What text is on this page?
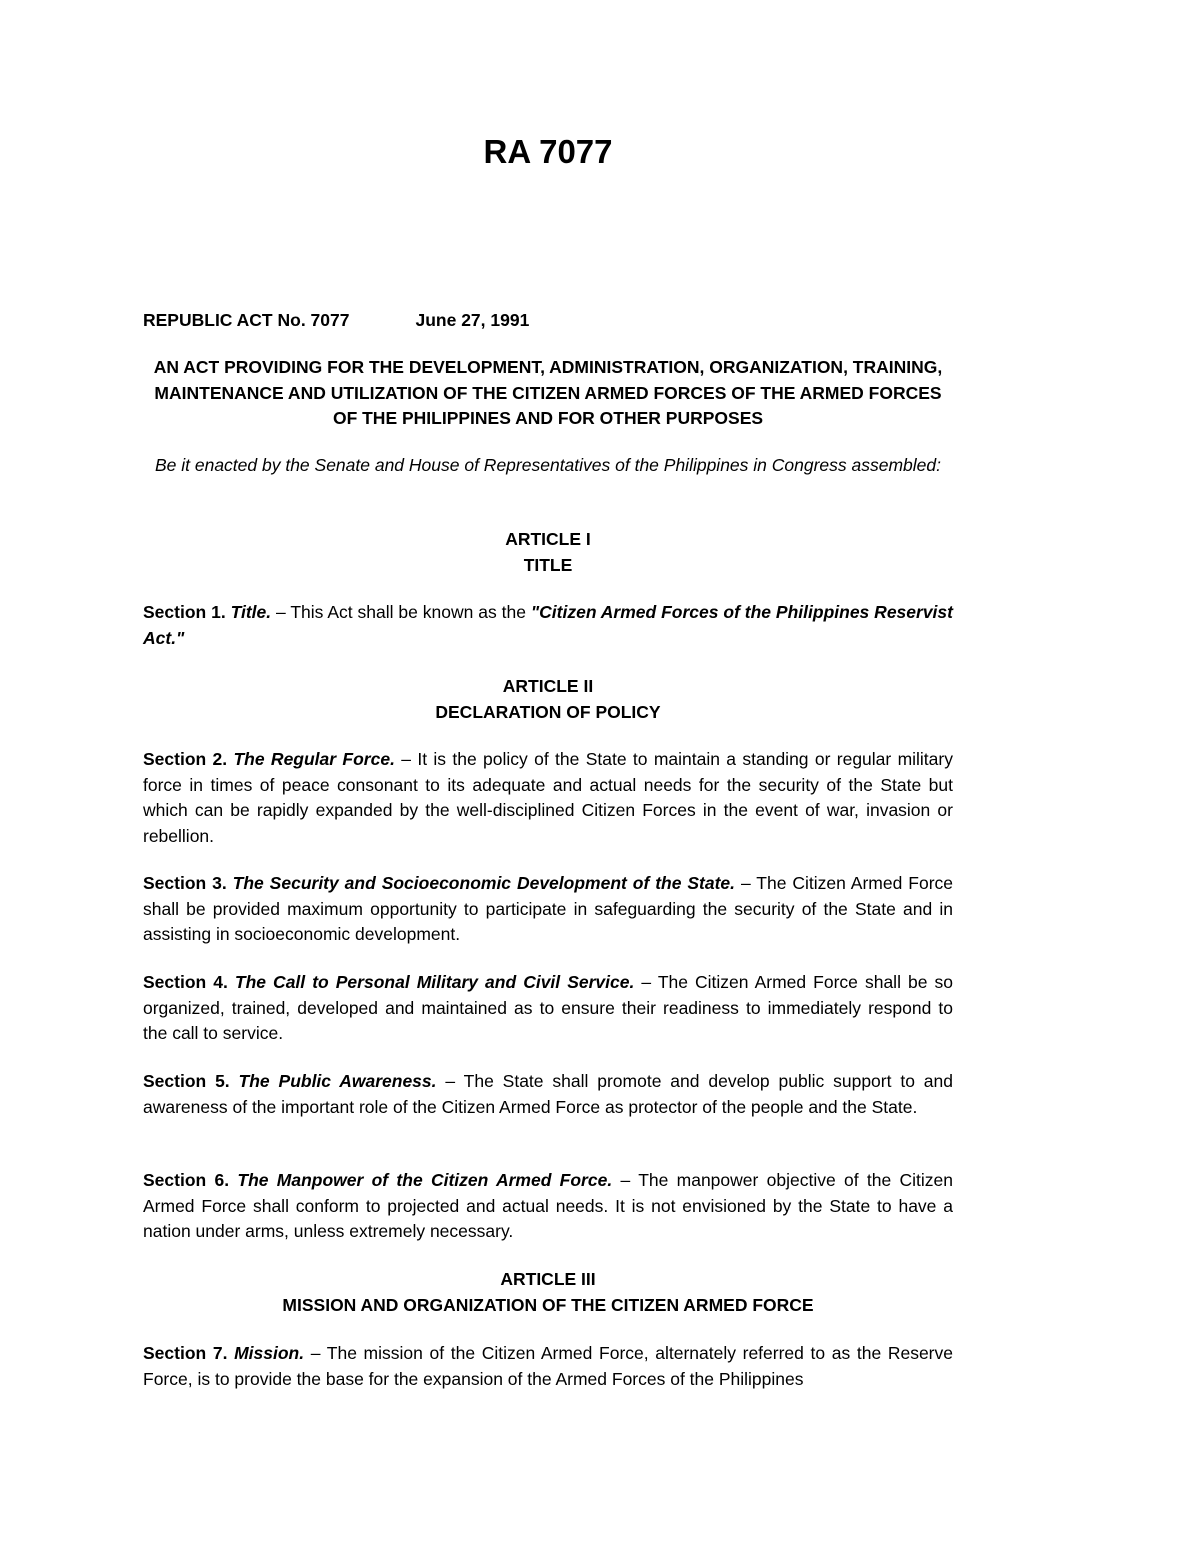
RA 7077
REPUBLIC ACT No. 7077	June 27, 1991
AN ACT PROVIDING FOR THE DEVELOPMENT, ADMINISTRATION, ORGANIZATION, TRAINING, MAINTENANCE AND UTILIZATION OF THE CITIZEN ARMED FORCES OF THE ARMED FORCES OF THE PHILIPPINES AND FOR OTHER PURPOSES
Be it enacted by the Senate and House of Representatives of the Philippines in Congress assembled:
ARTICLE I
TITLE
Section 1. Title. – This Act shall be known as the "Citizen Armed Forces of the Philippines Reservist Act."
ARTICLE II
DECLARATION OF POLICY
Section 2. The Regular Force. – It is the policy of the State to maintain a standing or regular military force in times of peace consonant to its adequate and actual needs for the security of the State but which can be rapidly expanded by the well-disciplined Citizen Forces in the event of war, invasion or rebellion.
Section 3. The Security and Socioeconomic Development of the State. – The Citizen Armed Force shall be provided maximum opportunity to participate in safeguarding the security of the State and in assisting in socioeconomic development.
Section 4. The Call to Personal Military and Civil Service. – The Citizen Armed Force shall be so organized, trained, developed and maintained as to ensure their readiness to immediately respond to the call to service.
Section 5. The Public Awareness. – The State shall promote and develop public support to and awareness of the important role of the Citizen Armed Force as protector of the people and the State.
Section 6. The Manpower of the Citizen Armed Force. – The manpower objective of the Citizen Armed Force shall conform to projected and actual needs. It is not envisioned by the State to have a nation under arms, unless extremely necessary.
ARTICLE III
MISSION AND ORGANIZATION OF THE CITIZEN ARMED FORCE
Section 7. Mission. – The mission of the Citizen Armed Force, alternately referred to as the Reserve Force, is to provide the base for the expansion of the Armed Forces of the Philippines
